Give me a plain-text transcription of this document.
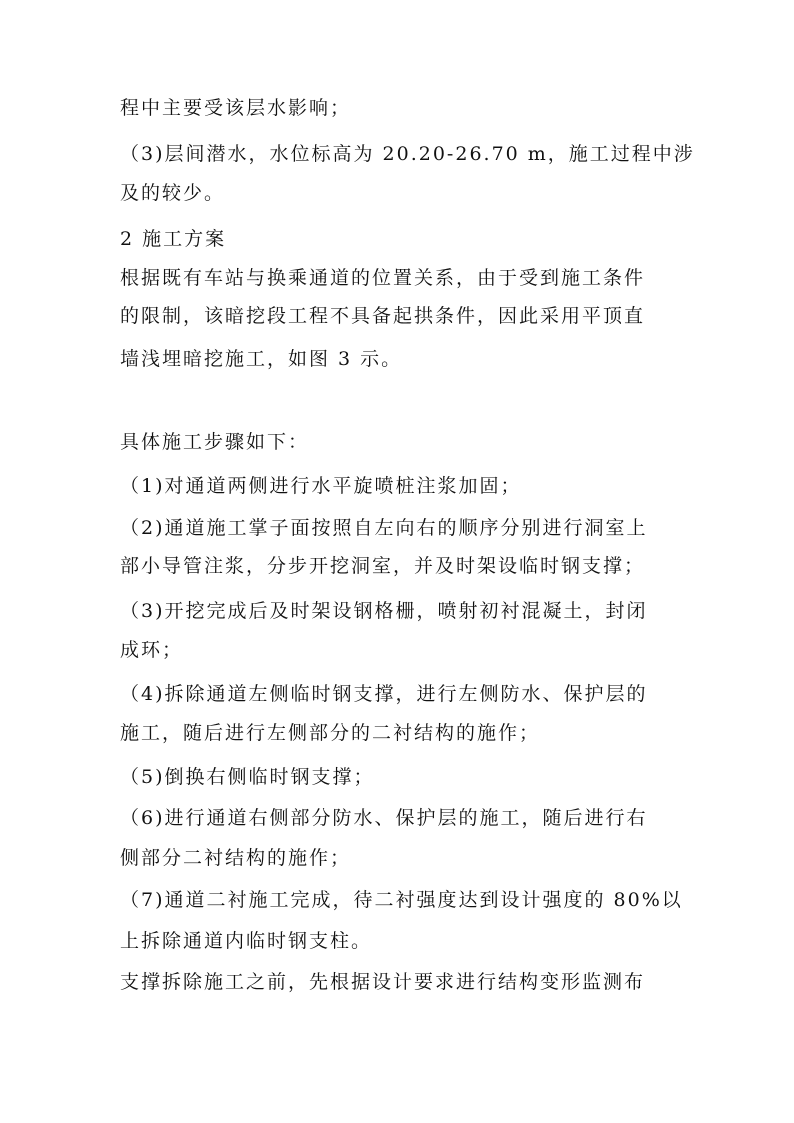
程中主要受该层水影响；
（3)层间潜水，水位标高为 20.20-26.70 m，施工过程中涉
及的较少。
2 施工方案
根据既有车站与换乘通道的位置关系，由于受到施工条件
的限制，该暗挖段工程不具备起拱条件，因此采用平顶直
墙浅埋暗挖施工，如图 3 示。
具体施工步骤如下：
（1)对通道两侧进行水平旋喷桩注浆加固；
（2)通道施工掌子面按照自左向右的顺序分别进行洞室上
部小导管注浆，分步开挖洞室，并及时架设临时钢支撑；
（3)开挖完成后及时架设钢格栅，喷射初衬混凝土，封闭
成环；
（4)拆除通道左侧临时钢支撑，进行左侧防水、保护层的
施工，随后进行左侧部分的二衬结构的施作；
（5)倒换右侧临时钢支撑；
（6)进行通道右侧部分防水、保护层的施工，随后进行右
侧部分二衬结构的施作；
（7)通道二衬施工完成，待二衬强度达到设计强度的 80%以
上拆除通道内临时钢支柱。
支撑拆除施工之前，先根据设计要求进行结构变形监测布
